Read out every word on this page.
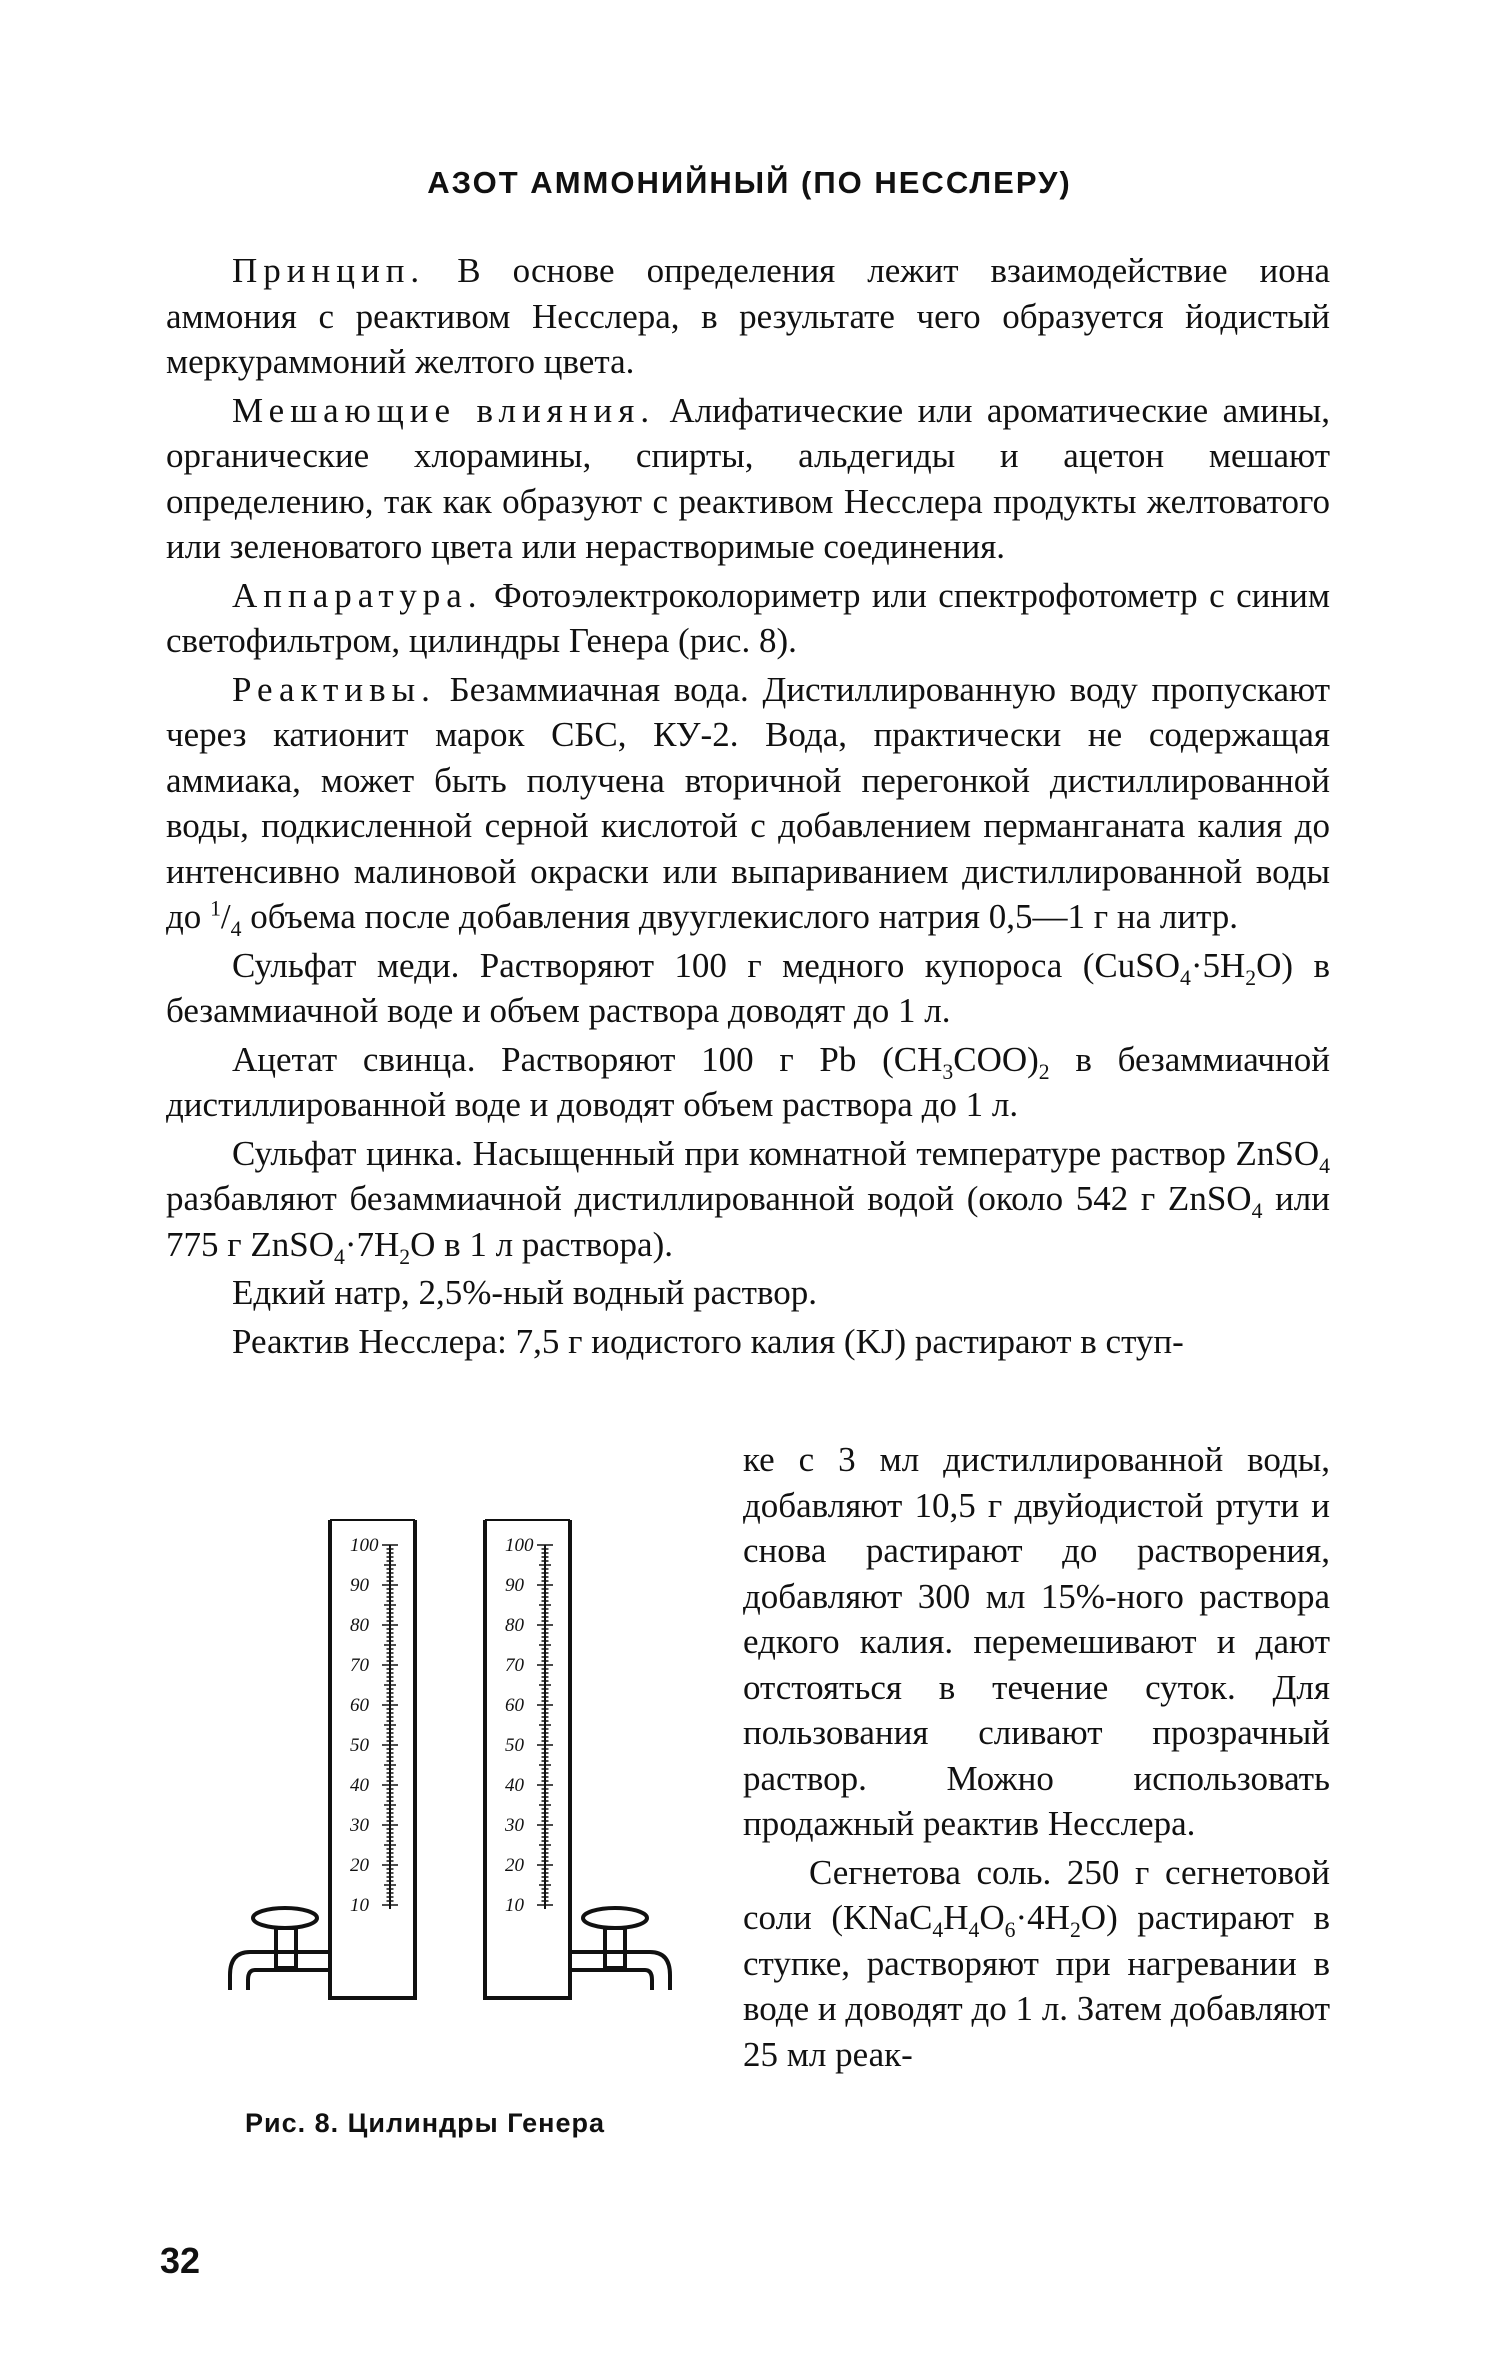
АЗОТ АММОНИЙНЫЙ (ПО НЕССЛЕРУ)

Принцип. В основе определения лежит взаимодействие иона аммония с реактивом Несслера, в результате чего образуется йодистый меркураммоний желтого цвета.

Мешающие влияния. Алифатические или ароматические амины, органические хлорамины, спирты, альдегиды и ацетон мешают определению, так как образуют с реактивом Несслера продукты желтоватого или зеленоватого цвета или нерастворимые соединения.

Аппаратура. Фотоэлектроколориметр или спектрофотометр с синим светофильтром, цилиндры Генера (рис. 8).

Реактивы. Безаммиачная вода. Дистиллированную воду пропускают через катионит марок СБС, КУ-2. Вода, практически не содержащая аммиака, может быть получена вторичной перегонкой дистиллированной воды, подкисленной серной кислотой с добавлением перманганата калия до интенсивно малиновой окраски или выпариванием дистиллированной воды до $^1/_4$ объема после добавления двууглекислого натрия 0,5—1 г на литр.

Сульфат меди. Растворяют 100 г медного купороса $(CuSO_4\cdot 5H_2O)$ в безаммиачной воде и объем раствора доводят до 1 л.

Ацетат свинца. Растворяют 100 г Pb $(CH_3COO)_2$ в безаммиачной дистиллированной воде и доводят объем раствора до 1 л.

Сульфат цинка. Насыщенный при комнатной температуре раствор ZnSO$_4$ разбавляют безаммиачной дистиллированной водой (около 542 г ZnSO$_4$ или 775 г $ZnSO_4\cdot 7H_2O$ в 1 л раствора).

Едкий натр, 2,5%-ный водный раствор.

Реактив Несслера: 7,5 г иодистого калия (KJ) растирают в ступ-

ке с 3 мл дистиллированной воды, добавляют 10,5 г двуйодистой ртути и снова растирают до растворения, добавляют 300 мл 15%-ного раствора едкого калия. перемешивают и дают отстояться в течение суток. Для пользования сливают прозрачный раствор. Можно использовать продажный реактив Несслера.

Сегнетова соль. 250 г сегнетовой соли $(KNaC_4H_4O_6\cdot 4H_2O)$ растирают в ступке, растворяют при нагревании в воде и доводят до 1 л. Затем добавляют 25 мл реак-

100
90
80
70
60
50
40
30
20
10
100
90
80
70
60
50
40
30
20
10
Рис. 8. Цилиндры Генера
32
